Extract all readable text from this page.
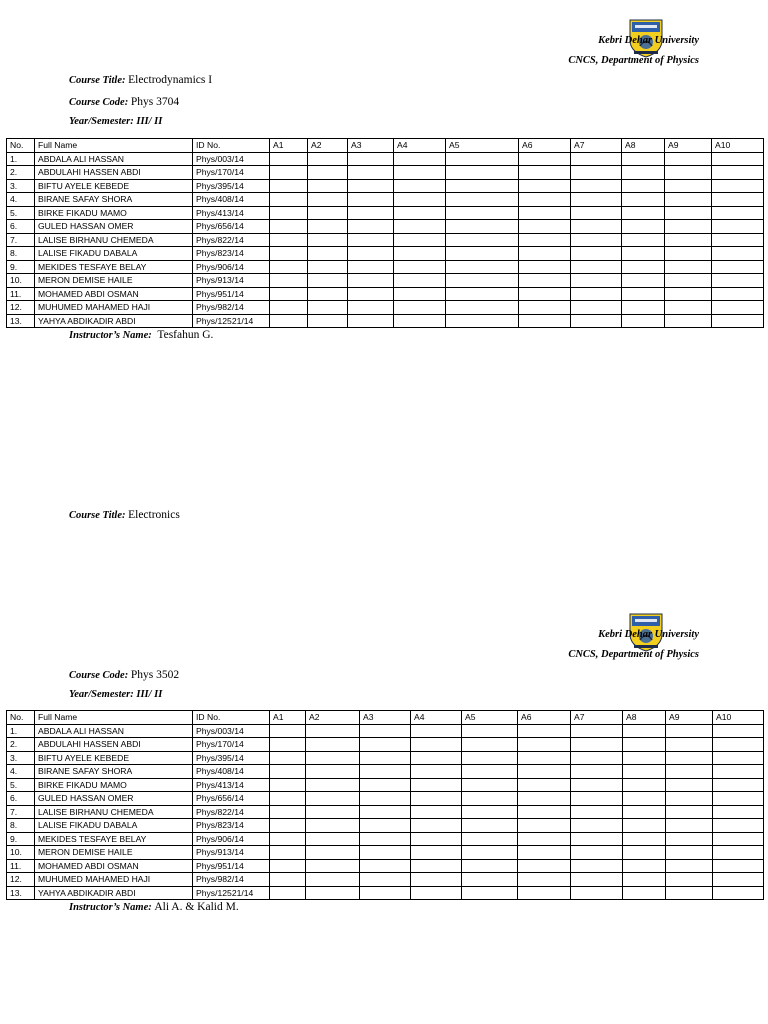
Kebri Dehar University
CNCS, Department of Physics
Course Title: Electrodynamics I
Course Code: Phys 3704
Year/Semester: III/ II
No.	Full Name	ID No.	A1	A2	A3	A4	A5	A6	A7	A8	A9	A10
1.	ABDALA ALI HASSAN	Phys/003/14										
2.	ABDULAHI HASSEN ABDI	Phys/170/14										
3.	BIFTU AYELE KEBEDE	Phys/395/14										
4.	BIRANE SAFAY SHORA	Phys/408/14										
5.	BIRKE FIKADU MAMO	Phys/413/14										
6.	GULED HASSAN OMER	Phys/656/14										
7.	LALISE BIRHANU CHEMEDA	Phys/822/14										
8.	LALISE FIKADU DABALA	Phys/823/14										
9.	MEKIDES TESFAYE BELAY	Phys/906/14										
10.	MERON DEMISE HAILE	Phys/913/14										
11.	MOHAMED ABDI OSMAN	Phys/951/14										
12.	MUHUMED MAHAMED HAJI	Phys/982/14										
13.	YAHYA ABDIKADIR ABDI	Phys/12521/14										
Instructor’s Name: Tesfahun G.
Course Title: Electronics
Kebri Dehar University
CNCS, Department of Physics
Course Code: Phys 3502
Year/Semester: III/ II
No.	Full Name	ID No.	A1	A2	A3	A4	A5	A6	A7	A8	A9	A10
1.	ABDALA ALI HASSAN	Phys/003/14										
2.	ABDULAHI HASSEN ABDI	Phys/170/14										
3.	BIFTU AYELE KEBEDE	Phys/395/14										
4.	BIRANE SAFAY SHORA	Phys/408/14										
5.	BIRKE FIKADU MAMO	Phys/413/14										
6.	GULED HASSAN OMER	Phys/656/14										
7.	LALISE BIRHANU CHEMEDA	Phys/822/14										
8.	LALISE FIKADU DABALA	Phys/823/14										
9.	MEKIDES TESFAYE BELAY	Phys/906/14										
10.	MERON DEMISE HAILE	Phys/913/14										
11.	MOHAMED ABDI OSMAN	Phys/951/14										
12.	MUHUMED MAHAMED HAJI	Phys/982/14										
13.	YAHYA ABDIKADIR ABDI	Phys/12521/14										
Instructor’s Name: Ali A. & Kalid M.
